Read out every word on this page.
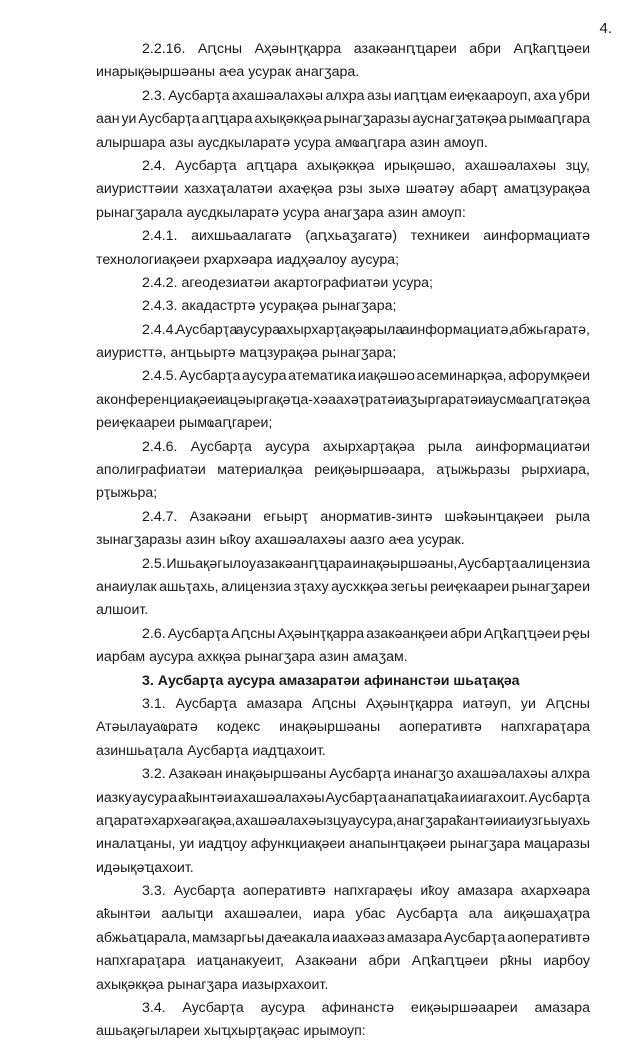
4.
2.2.16. Аԥсны Аҳәынҭқарра азакәанԥҵареи абри Аԥҟаԥҵәеи
инарықәыршәаны аҽа усурак анагӡара.
2.3. Аусбарҭа ахашәалахәы алхра азы иаԥҵам еиҿкаароуп, аха убри
аан уи Аусбарҭа аԥҵара ахықәкқәа рынагӡаразы ауснагӡатәқәа рымҩаԥгара
алыршара азы аусдкыларатә усура амҩаԥгара азин амоуп.
2.4. Аусбарҭа аԥҵара ахықәкқәа ирықәшәо, ахашәалахәы зцу,
аиуристтәии хазхаҭалатәи ахаҿқәа рзы зыхә шәатәу абарҭ амаҵзурақәа
рынагӡарала аусдкыларатә усура анагӡара азин амоуп:
2.4.1. аихшьаалагатә (аԥхьаӡагатә) техникеи аинформациатә
технологиақәеи рхархәара иадҳәалоу аусура;
2.4.2. агеодезиатәи акартографиатәи усура;
2.4.3. акадастртә усурақәа рынагӡара;
2.4.4. Аусбарҭа аусура ахырхарҭақәа рыла аинформациатә, абжьгаратә,
аиуристтә, анҵьыртә маҵзурақәа рынагӡара;
2.4.5. Аусбарҭа аусура атематика иақәшәо асеминарқәа, афорумқәеи
аконференциақәеи ацәыргақәҵа-хәаахәҭратәи аӡыргаратәи аусмҩаԥгатәқәа
реиҿкаареи рымҩаԥгареи;
2.4.6. Аусбарҭа аусура ахырхарҭақәа рыла аинформациатәи
аполиграфиатәи материалқәа реиқәыршәаара, аҭыжьразы рырхиара,
рҭыжьра;
2.4.7. Азакәани егьырҭ анорматив-зинтә шәҟәынҵақәеи рыла
зынагӡаразы азин ыҟоу ахашәалахәы аазго аҽа усурак.
2.5. Ишьақәгылоу азакәанԥҵара инақәыршәаны, Аусбарҭа алицензиа
анаиулак ашьҭахь, алицензиа зҭаху аусхкқәа зегьы реиҿкаареи рынагӡареи
алшоит.
2.6. Аусбарҭа Аԥсны Аҳәынҭқарра азакәанқәеи абри Аԥҟаԥҵәеи рҿы
иарбам аусура ахкқәа рынагӡара азин амаӡам.
3. Аусбарҭа аусура амазаратәи афинанстәи шьаҭақәа
3.1. Аусбарҭа амазара Аԥсны Аҳәынҭқарра иатәуп, уи Аԥсны
Атәылауаҩратә кодекс инақәыршәаны аоперативтә напхгараҭара
азиншьаҭала Аусбарҭа иадҵахоит.
3.2. Азакәан инақәыршәаны Аусбарҭа инанагӡо ахашәалахәы алхра
иазку аусура аҟынтәи ахашәалахәы Аусбарҭа анапаҵаҟа ииагахоит. Аусбарҭа
аԥаратә хархәагақәа, ахашәалахәы зцу аусура, анагӡараҟантәи иаиузгьы уахь
иналаҵаны, уи иадҵоу афункциақәеи анапынҵақәеи рынагӡара мацаразы
идәықәҵахоит.
3.3. Аусбарҭа аоперативтә напхгараҿы иҟоу амазара ахархәара
аҟынтәи аалыҵи ахашәалеи, иара убас Аусбарҭа ала аиқәшаҳаҭра
абжьаҵарала, мамзаргьы даҽакала иаахәаз амазара Аусбарҭа аоперативтә
напхгараҭара иаҵанакуеит, Азакәани абри Аԥҟаԥҵәеи рҟны иарбоу
ахықәкқәа рынагӡара иазырхахоит.
3.4. Аусбарҭа аусура афинанстә еиқәыршәаареи амазара
ашьақәгылареи хыҵхырҭақәас ирымоуп:
